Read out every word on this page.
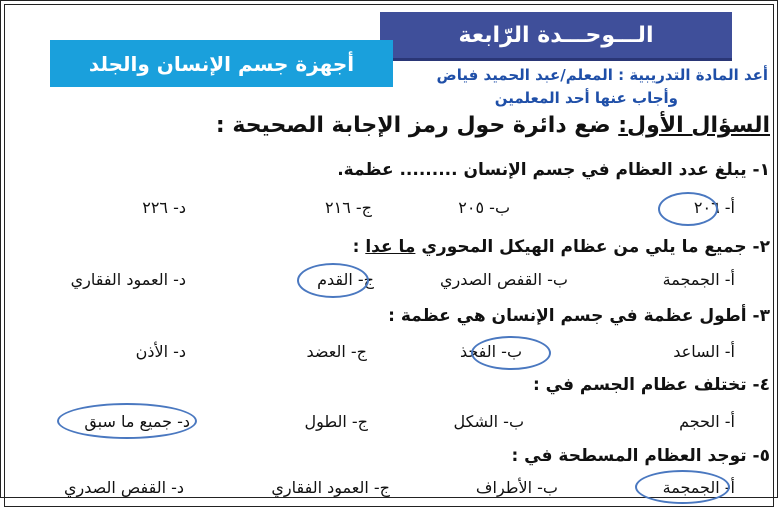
الـــوحـــدة الرّابعة
أجهزة جسم الإنسان والجلد	أعد المادة التدريبية : المعلم/عبد الحميد فياض
وأجاب عنها أحد المعلمين
السؤال الأول: ضع دائرة حول رمز الإجابة الصحيحة :
١- يبلغ عدد العظام في جسم الإنسان ......... عظمة.
أ- ٢٠٦
ب- ٢٠٥
ج- ٢١٦
د- ٢٢٦
٢- جميع ما يلي من عظام الهيكل المحوري ما عدا :
أ- الجمجمة
ب- القفص الصدري
ج- القدم
د- العمود الفقاري
٣- أطول عظمة في جسم الإنسان هي عظمة :
أ- الساعد
ب- الفخذ
ج- العضد
د- الأذن
٤- تختلف عظام الجسم في :
أ- الحجم
ب- الشكل
ج- الطول
د- جميع ما سبق
٥- توجد العظام المسطحة في :
أ- الجمجمة
ب- الأطراف
ج- العمود الفقاري
د- القفص الصدري
